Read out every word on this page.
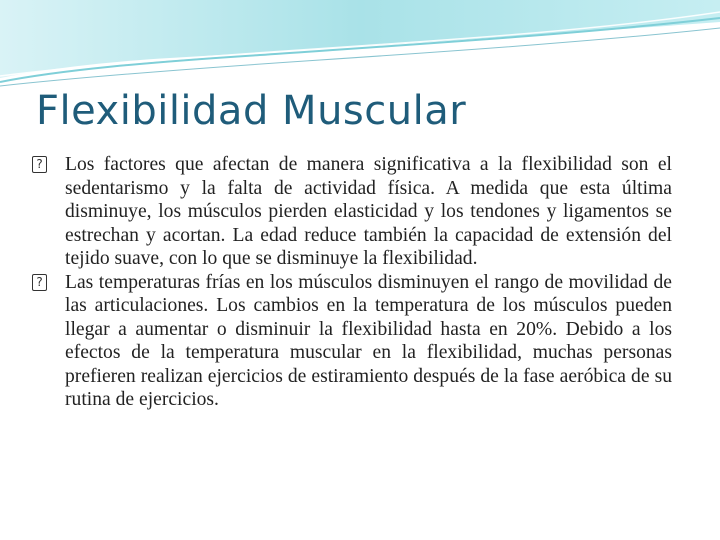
Flexibilidad Muscular
? Los factores que afectan de manera significativa a la flexibilidad son el sedentarismo y la falta de actividad física. A medida que esta última disminuye, los músculos pierden elasticidad y los tendones y ligamentos se estrechan y acortan. La edad reduce también la capacidad de extensión del tejido suave, con lo que se disminuye la flexibilidad.
? Las temperaturas frías en los músculos disminuyen el rango de movilidad de las articulaciones. Los cambios en la temperatura de los músculos pueden llegar a aumentar o disminuir la flexibilidad hasta en 20%. Debido a los efectos de la temperatura muscular en la flexibilidad, muchas personas prefieren realizan ejercicios de estiramiento después de la fase aeróbica de su rutina de ejercicios.
